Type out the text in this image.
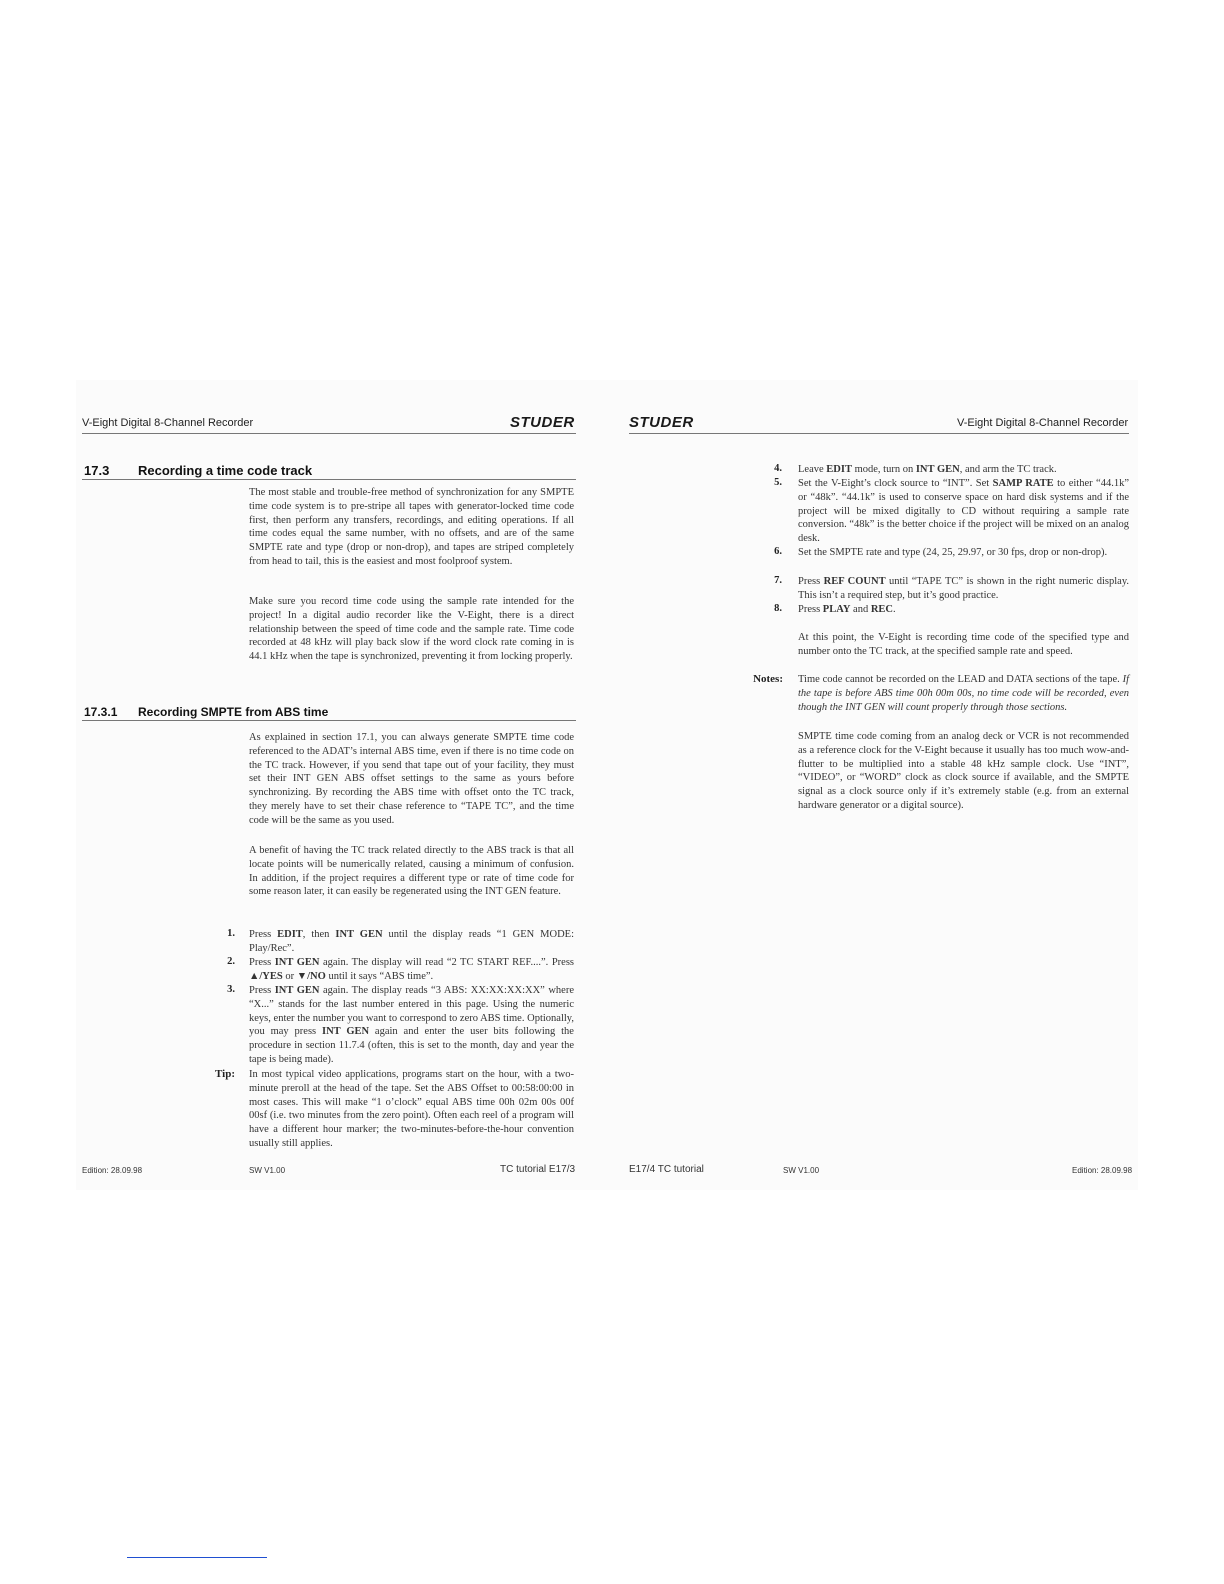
V-Eight Digital 8-Channel Recorder	STUDER
17.3 Recording a time code track

The most stable and trouble-free method of synchronization for any SMPTE time code system is to pre-stripe all tapes with generator-locked time code first, then perform any transfers, recordings, and editing operations. If all time codes equal the same number, with no offsets, and are of the same SMPTE rate and type (drop or non-drop), and tapes are striped completely from head to tail, this is the easiest and most foolproof system.

Make sure you record time code using the sample rate intended for the project! In a digital audio recorder like the V-Eight, there is a direct relationship between the speed of time code and the sample rate. Time code recorded at 48 kHz will play back slow if the word clock rate coming in is 44.1 kHz when the tape is synchronized, preventing it from locking properly.

17.3.1 Recording SMPTE from ABS time

As explained in section 17.1, you can always generate SMPTE time code referenced to the ADAT’s internal ABS time, even if there is no time code on the TC track. However, if you send that tape out of your facility, they must set their INT GEN ABS offset settings to the same as yours before synchronizing. By recording the ABS time with offset onto the TC track, they merely have to set their chase reference to “TAPE TC”, and the time code will be the same as you used.

A benefit of having the TC track related directly to the ABS track is that all locate points will be numerically related, causing a minimum of confusion. In addition, if the project requires a different type or rate of time code for some reason later, it can easily be regenerated using the INT GEN feature.

1. Press EDIT, then INT GEN until the display reads “1 GEN MODE: Play/Rec”.

2. Press INT GEN again. The display will read “2 TC START REF....”. Press ▲/YES or ▼/NO until it says “ABS time”.

3. Press INT GEN again. The display reads “3 ABS: XX:XX:XX:XX” where “X...” stands for the last number entered in this page. Using the numeric keys, enter the number you want to correspond to zero ABS time. Optionally, you may press INT GEN again and enter the user bits following the procedure in section 11.7.4 (often, this is set to the month, day and year the tape is being made).

Tip: In most typical video applications, programs start on the hour, with a two-minute preroll at the head of the tape. Set the ABS Offset to 00:58:00:00 in most cases. This will make “1 o’clock” equal ABS time 00h 02m 00s 00f 00sf (i.e. two minutes from the zero point). Often each reel of a program will have a different hour marker; the two-minutes-before-the-hour convention usually still applies.

Edition: 28.09.98	SW V1.00	TC tutorial E17/3
STUDER	V-Eight Digital 8-Channel Recorder
4. Leave EDIT mode, turn on INT GEN, and arm the TC track.

5. Set the V-Eight’s clock source to “INT”. Set SAMP RATE to either “44.1k” or “48k”. “44.1k” is used to conserve space on hard disk systems and if the project will be mixed digitally to CD without requiring a sample rate conversion. “48k” is the better choice if the project will be mixed on an analog desk.

6. Set the SMPTE rate and type (24, 25, 29.97, or 30 fps, drop or non-drop).

7. Press REF COUNT until “TAPE TC” is shown in the right numeric display. This isn’t a required step, but it’s good practice.

8. Press PLAY and REC.

At this point, the V-Eight is recording time code of the specified type and number onto the TC track, at the specified sample rate and speed.

Notes: Time code cannot be recorded on the LEAD and DATA sections of the tape. If the tape is before ABS time 00h 00m 00s, no time code will be recorded, even though the INT GEN will count properly through those sections.

SMPTE time code coming from an analog deck or VCR is not recommended as a reference clock for the V-Eight because it usually has too much wow-and-flutter to be multiplied into a stable 48 kHz sample clock. Use “INT”, “VIDEO”, or “WORD” clock as clock source if available, and the SMPTE signal as a clock source only if it’s extremely stable (e.g. from an external hardware generator or a digital source).

E17/4 TC tutorial	SW V1.00	Edition: 28.09.98
